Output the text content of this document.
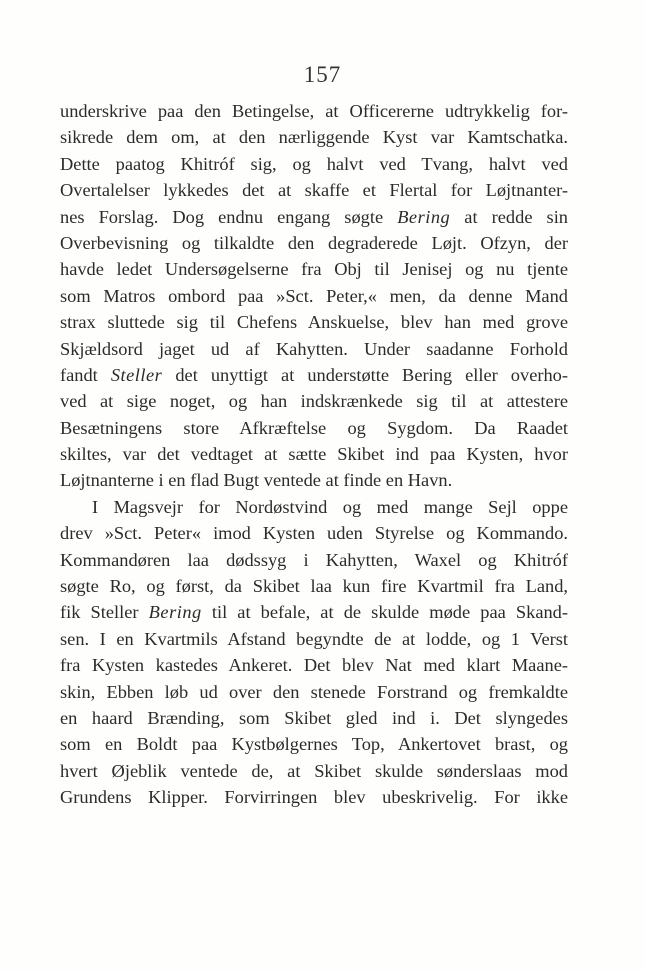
157
underskrive paa den Betingelse, at Officererne udtrykkelig for-
sikrede dem om, at den nærliggende Kyst var Kamtschatka.
Dette paatog Khitróf sig, og halvt ved Tvang, halvt ved
Overtalelser lykkedes det at skaffe et Flertal for Løjtnanter-
nes Forslag. Dog endnu engang søgte Bering at redde sin
Overbevisning og tilkaldte den degraderede Løjt. Ofzyn, der
havde ledet Undersøgelserne fra Obj til Jenisej og nu tjente
som Matros ombord paa »Sct. Peter,« men, da denne Mand
strax sluttede sig til Chefens Anskuelse, blev han med grove
Skjældsord jaget ud af Kahytten. Under saadanne Forhold
fandt Steller det unyttigt at understøtte Bering eller overho-
ved at sige noget, og han indskrænkede sig til at attestere
Besætningens store Afkræftelse og Sygdom. Da Raadet
skiltes, var det vedtaget at sætte Skibet ind paa Kysten, hvor
Løjtnanterne i en flad Bugt ventede at finde en Havn.
I Magsvejr for Nordøstvind og med mange Sejl oppe
drev »Sct. Peter« imod Kysten uden Styrelse og Kommando.
Kommandøren laa dødssyg i Kahytten, Waxel og Khitróf
søgte Ro, og først, da Skibet laa kun fire Kvartmil fra Land,
fik Steller Bering til at befale, at de skulde møde paa Skand-
sen. I en Kvartmils Afstand begyndte de at lodde, og 1 Verst
fra Kysten kastedes Ankeret. Det blev Nat med klart Maane-
skin, Ebben løb ud over den stenede Forstrand og fremkaldte
en haard Brænding, som Skibet gled ind i. Det slyngedes
som en Boldt paa Kystbølgernes Top, Ankertovet brast, og
hvert Øjeblik ventede de, at Skibet skulde sønderslaas mod
Grundens Klipper. Forvirringen blev ubeskrivelig. For ikke
